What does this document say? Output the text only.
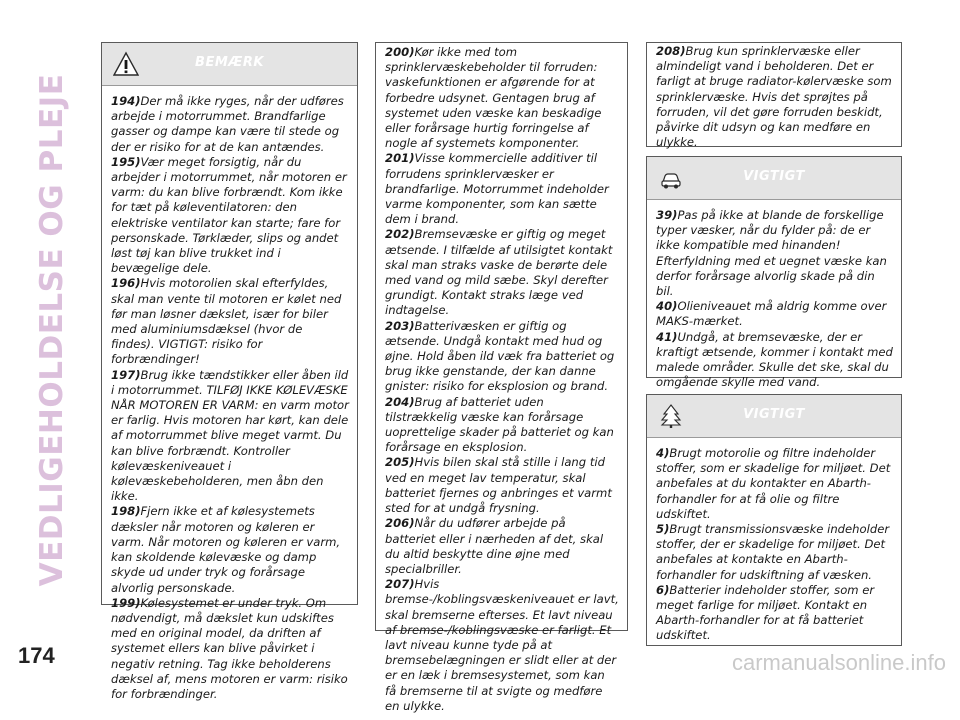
VEDLIGEHOLDELSE OG PLEJE
174	carmanualsonline.info
BEMÆRK

194)Der må ikke ryges, når der udføres arbejde i motorrummet. Brandfarlige gasser og dampe kan være til stede og der er risiko for at de kan antændes.

195)Vær meget forsigtig, når du arbejder i motorrummet, når motoren er varm: du kan blive forbrændt. Kom ikke for tæt på køleventilatoren: den elektriske ventilator kan starte; fare for personskade. Tørklæder, slips og andet løst tøj kan blive trukket ind i bevægelige dele.

196)Hvis motorolien skal efterfyldes, skal man vente til motoren er kølet ned før man løsner dækslet, især for biler med aluminiumsdæksel (hvor de findes). VIGTIGT: risiko for forbrændinger!

197)Brug ikke tændstikker eller åben ild i motorrummet. TILFØJ IKKE KØLEVÆSKE NÅR MOTOREN ER VARM: en varm motor er farlig. Hvis motoren har kørt, kan dele af motorrummet blive meget varmt. Du kan blive forbrændt. Kontroller kølevæskeniveauet i kølevæskebeholderen, men åbn den ikke.

198)Fjern ikke et af kølesystemets dæksler når motoren og køleren er varm. Når motoren og køleren er varm, kan skoldende kølevæske og damp skyde ud under tryk og forårsage alvorlig personskade.

199)Kølesystemet er under tryk. Om nødvendigt, må dækslet kun udskiftes med en original model, da driften af systemet ellers kan blive påvirket i negativ retning. Tag ikke beholderens dæksel af, mens motoren er varm: risiko for forbrændinger.

200)Kør ikke med tom sprinklervæskebeholder til forruden: vaskefunktionen er afgørende for at forbedre udsynet. Gentagen brug af systemet uden væske kan beskadige eller forårsage hurtig forringelse af nogle af systemets komponenter.

201)Visse kommercielle additiver til forrudens sprinklervæsker er brandfarlige. Motorrummet indeholder varme komponenter, som kan sætte dem i brand.

202)Bremsevæske er giftig og meget ætsende. I tilfælde af utilsigtet kontakt skal man straks vaske de berørte dele med vand og mild sæbe. Skyl derefter grundigt. Kontakt straks læge ved indtagelse.

203)Batterivæsken er giftig og ætsende. Undgå kontakt med hud og øjne. Hold åben ild væk fra batteriet og brug ikke genstande, der kan danne gnister: risiko for eksplosion og brand.

204)Brug af batteriet uden tilstrækkelig væske kan forårsage uoprettelige skader på batteriet og kan forårsage en eksplosion.

205)Hvis bilen skal stå stille i lang tid ved en meget lav temperatur, skal batteriet fjernes og anbringes et varmt sted for at undgå frysning.

206)Når du udfører arbejde på batteriet eller i nærheden af det, skal du altid beskytte dine øjne med specialbriller.

207)Hvis bremse-/koblingsvæskeniveauet er lavt, skal bremserne efterses. Et lavt niveau af bremse-/koblingsvæske er farligt. Et lavt niveau kunne tyde på at bremsebelægningen er slidt eller at der er en læk i bremsesystemet, som kan få bremserne til at svigte og medføre en ulykke.

208)Brug kun sprinklervæske eller almindeligt vand i beholderen. Det er farligt at bruge radiator-kølervæske som sprinklervæske. Hvis det sprøjtes på forruden, vil det gøre forruden beskidt, påvirke dit udsyn og kan medføre en ulykke.

VIGTIGT

39)Pas på ikke at blande de forskellige typer væsker, når du fylder på: de er ikke kompatible med hinanden! Efterfyldning med et uegnet væske kan derfor forårsage alvorlig skade på din bil.

40)Olieniveauet må aldrig komme over MAKS-mærket.

41)Undgå, at bremsevæske, der er kraftigt ætsende, kommer i kontakt med malede områder. Skulle det ske, skal du omgående skylle med vand.

VIGTIGT

4)Brugt motorolie og filtre indeholder stoffer, som er skadelige for miljøet. Det anbefales at du kontakter en Abarth-forhandler for at få olie og filtre udskiftet.

5)Brugt transmissionsvæske indeholder stoffer, der er skadelige for miljøet. Det anbefales at kontakte en Abarth-forhandler for udskiftning af væsken.

6)Batterier indeholder stoffer, som er meget farlige for miljøet. Kontakt en Abarth-forhandler for at få batteriet udskiftet.
